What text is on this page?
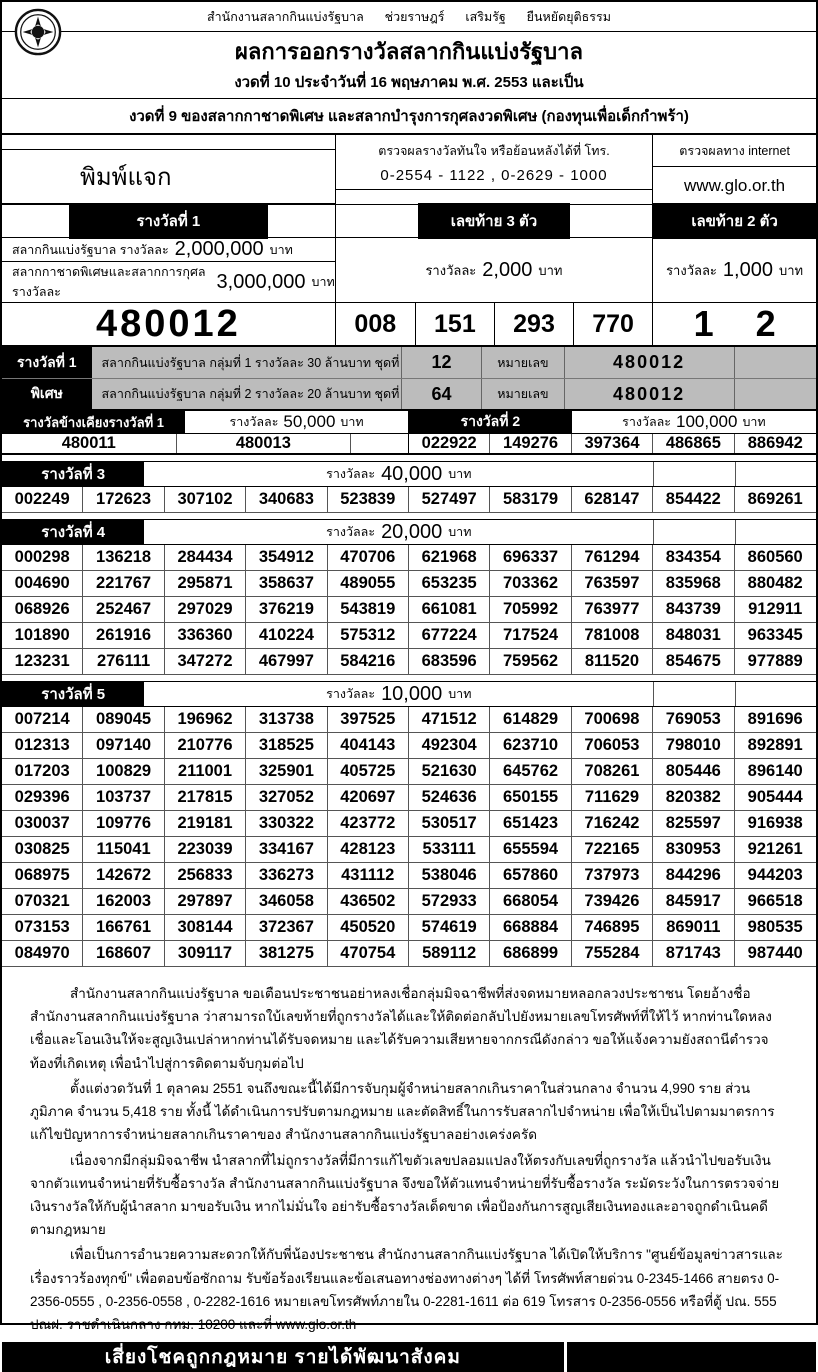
สำนักงานสลากกินแบ่งรัฐบาล      ช่วยราษฎร์      เสริมรัฐ      ยืนหยัดยุติธรรม
ผลการออกรางวัลสลากกินแบ่งรัฐบาล
งวดที่ 10 ประจำวันที่ 16 พฤษภาคม พ.ศ. 2553 และเป็น
งวดที่ 9 ของสลากกาชาดพิเศษ และสลากบำรุงการกุศลงวดพิเศษ (กองทุนเพื่อเด็กกำพร้า)
พิมพ์แจก
ตรวจผลรางวัลทันใจ หรือย้อนหลังได้ที่ โทร.
0-2554 - 1122 , 0-2629 - 1000
ตรวจผลทาง internet
www.glo.or.th
รางวัลที่ 1	เลขท้าย 3 ตัว	เลขท้าย 2 ตัว
สลากกินแบ่งรัฐบาล รางวัลละ 2,000,000 บาท
สลากกาชาดพิเศษและสลากการกุศล รางวัลละ	3,000,000 บาท
รางวัลละ 2,000 บาท	รางวัลละ 1,000 บาท
480012	008	151	293	770	1 2
รางวัลที่ 1	สลากกินแบ่งรัฐบาล กลุ่มที่ 1 รางวัลละ 30 ล้านบาท ชุดที่	12	หมายเลข	480012
พิเศษ	สลากกินแบ่งรัฐบาล กลุ่มที่ 2 รางวัลละ 20 ล้านบาท ชุดที่	64	หมายเลข	480012
รางวัลข้างเคียงรางวัลที่ 1	รางวัลละ 50,000 บาท	รางวัลที่ 2	รางวัลละ 100,000 บาท
480011	480013	022922	149276	397364	486865	886942
รางวัลที่ 3	รางวัลละ 40,000 บาท
002249	172623	307102	340683	523839	527497	583179	628147	854422	869261
รางวัลที่ 4	รางวัลละ 20,000 บาท
000298	136218	284434	354912	470706	621968	696337	761294	834354	860560
004690	221767	295871	358637	489055	653235	703362	763597	835968	880482
068926	252467	297029	376219	543819	661081	705992	763977	843739	912911
101890	261916	336360	410224	575312	677224	717524	781008	848031	963345
123231	276111	347272	467997	584216	683596	759562	811520	854675	977889
รางวัลที่ 5	รางวัลละ 10,000 บาท
007214	089045	196962	313738	397525	471512	614829	700698	769053	891696
012313	097140	210776	318525	404143	492304	623710	706053	798010	892891
017203	100829	211001	325901	405725	521630	645762	708261	805446	896140
029396	103737	217815	327052	420697	524636	650155	711629	820382	905444
030037	109776	219181	330322	423772	530517	651423	716242	825597	916938
030825	115041	223039	334167	428123	533111	655594	722165	830953	921261
068975	142672	256833	336273	431112	538046	657860	737973	844296	944203
070321	162003	297897	346058	436502	572933	668054	739426	845917	966518
073153	166761	308144	372367	450520	574619	668884	746895	869011	980535
084970	168607	309117	381275	470754	589112	686899	755284	871743	987440

สำนักงานสลากกินแบ่งรัฐบาล ขอเตือนประชาชนอย่าหลงเชื่อกลุ่มมิจฉาชีพที่ส่งจดหมายหลอกลวงประชาชน โดยอ้างชื่อสำนักงานสลากกินแบ่งรัฐบาล ว่าสามารถใบ้เลขท้ายที่ถูกรางวัลได้และให้ติดต่อกลับไปยังหมายเลขโทรศัพท์ที่ให้ไว้ หากท่านใดหลงเชื่อและโอนเงินให้จะสูญเงินเปล่าหากท่านได้รับจดหมาย และได้รับความเสียหายจากกรณีดังกล่าว ขอให้แจ้งความยังสถานีตำรวจท้องที่เกิดเหตุ เพื่อนำไปสู่การติดตามจับกุมต่อไป

ตั้งแต่งวดวันที่ 1 ตุลาคม 2551 จนถึงขณะนี้ได้มีการจับกุมผู้จำหน่ายสลากเกินราคาในส่วนกลาง จำนวน 4,990 ราย ส่วนภูมิภาค จำนวน 5,418 ราย ทั้งนี้ ได้ดำเนินการปรับตามกฎหมาย และตัดสิทธิ์ในการรับสลากไปจำหน่าย เพื่อให้เป็นไปตามมาตรการแก้ไขปัญหาการจำหน่ายสลากเกินราคาของ สำนักงานสลากกินแบ่งรัฐบาลอย่างเคร่งครัด

เนื่องจากมีกลุ่มมิจฉาชีพ นำสลากที่ไม่ถูกรางวัลที่มีการแก้ไขตัวเลขปลอมแปลงให้ตรงกับเลขที่ถูกรางวัล แล้วนำไปขอรับเงินจากตัวแทนจำหน่ายที่รับซื้อรางวัล สำนักงานสลากกินแบ่งรัฐบาล จึงขอให้ตัวแทนจำหน่ายที่รับซื้อรางวัล ระมัดระวังในการตรวจจ่ายเงินรางวัลให้กับผู้นำสลาก มาขอรับเงิน หากไม่มั่นใจ อย่ารับซื้อรางวัลเด็ดขาด เพื่อป้องกันการสูญเสียเงินทองและอาจถูกดำเนินคดีตามกฎหมาย

เพื่อเป็นการอำนวยความสะดวกให้กับพี่น้องประชาชน สำนักงานสลากกินแบ่งรัฐบาล ได้เปิดให้บริการ "ศูนย์ข้อมูลข่าวสารและเรื่องราวร้องทุกข์" เพื่อตอบข้อซักถาม รับข้อร้องเรียนและข้อเสนอทางช่องทางต่างๆ ได้ที่ โทรศัพท์สายด่วน 0-2345-1466 สายตรง 0-2356-0555 , 0-2356-0558 , 0-2282-1616 หมายเลขโทรศัพท์ภายใน 0-2281-1611 ต่อ 619 โทรสาร 0-2356-0556 หรือที่ตู้ ปณ. 555 ปณฝ. ราชดำเนินกลาง กทม. 10200 และที่ www.glo.or.th

เสี่ยงโชคถูกกฎหมาย รายได้พัฒนาสังคม
